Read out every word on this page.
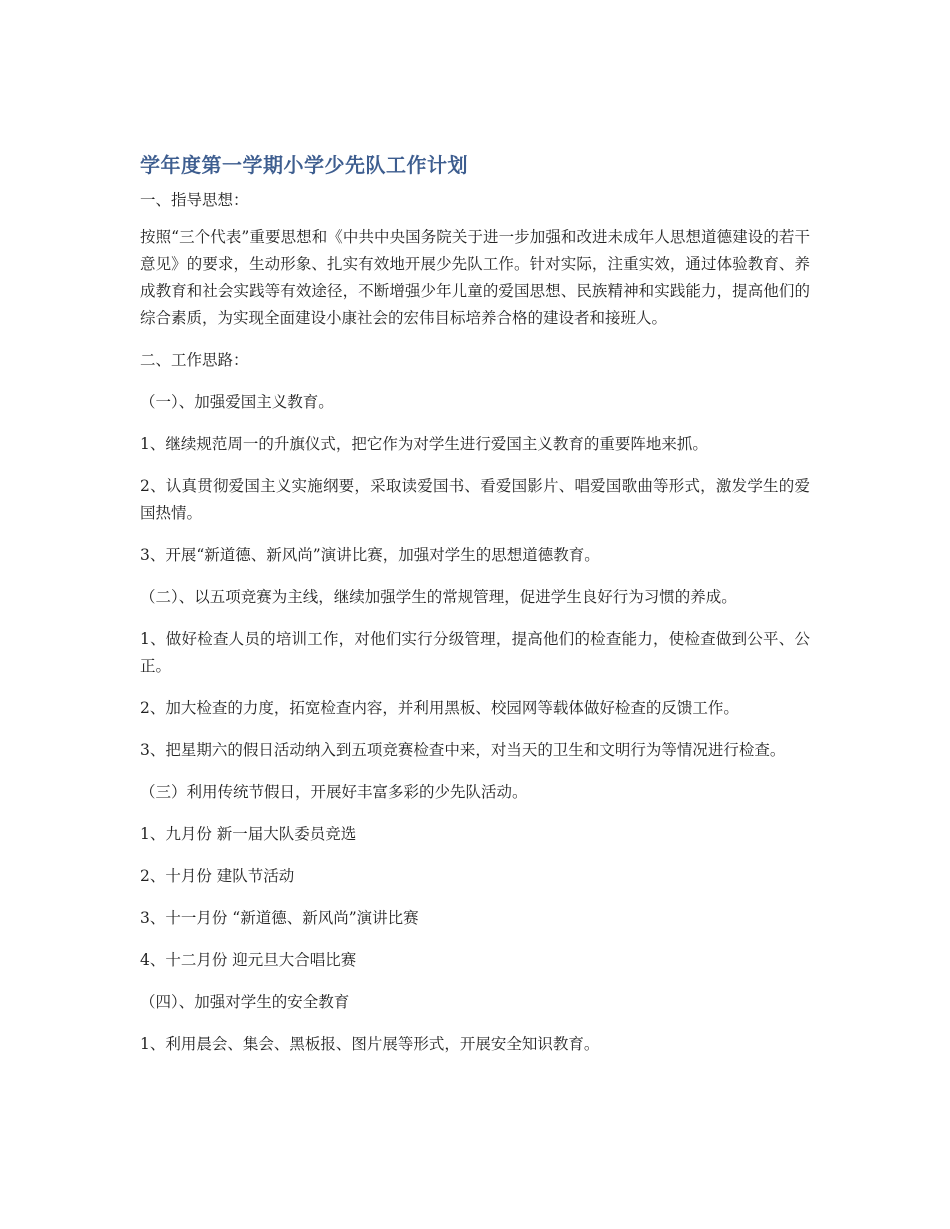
学年度第一学期小学少先队工作计划

一、指导思想：

按照“三个代表”重要思想和《中共中央国务院关于进一步加强和改进未成年人思想道德建设的若干意见》的要求，生动形象、扎实有效地开展少先队工作。针对实际，注重实效，通过体验教育、养成教育和社会实践等有效途径，不断增强少年儿童的爱国思想、民族精神和实践能力，提高他们的综合素质，为实现全面建设小康社会的宏伟目标培养合格的建设者和接班人。

二、工作思路：

（一）、加强爱国主义教育。

1、继续规范周一的升旗仪式，把它作为对学生进行爱国主义教育的重要阵地来抓。

2、认真贯彻爱国主义实施纲要，采取读爱国书、看爱国影片、唱爱国歌曲等形式，激发学生的爱国热情。

3、开展“新道德、新风尚”演讲比赛，加强对学生的思想道德教育。

（二）、以五项竞赛为主线，继续加强学生的常规管理，促进学生良好行为习惯的养成。

1、做好检查人员的培训工作，对他们实行分级管理，提高他们的检查能力，使检查做到公平、公正。

2、加大检查的力度，拓宽检查内容，并利用黑板、校园网等载体做好检查的反馈工作。

3、把星期六的假日活动纳入到五项竞赛检查中来，对当天的卫生和文明行为等情况进行检查。

（三）利用传统节假日，开展好丰富多彩的少先队活动。

1、九月份 新一届大队委员竞选

2、十月份 建队节活动

3、十一月份 “新道德、新风尚”演讲比赛

4、十二月份 迎元旦大合唱比赛

（四）、加强对学生的安全教育

1、利用晨会、集会、黑板报、图片展等形式，开展安全知识教育。
